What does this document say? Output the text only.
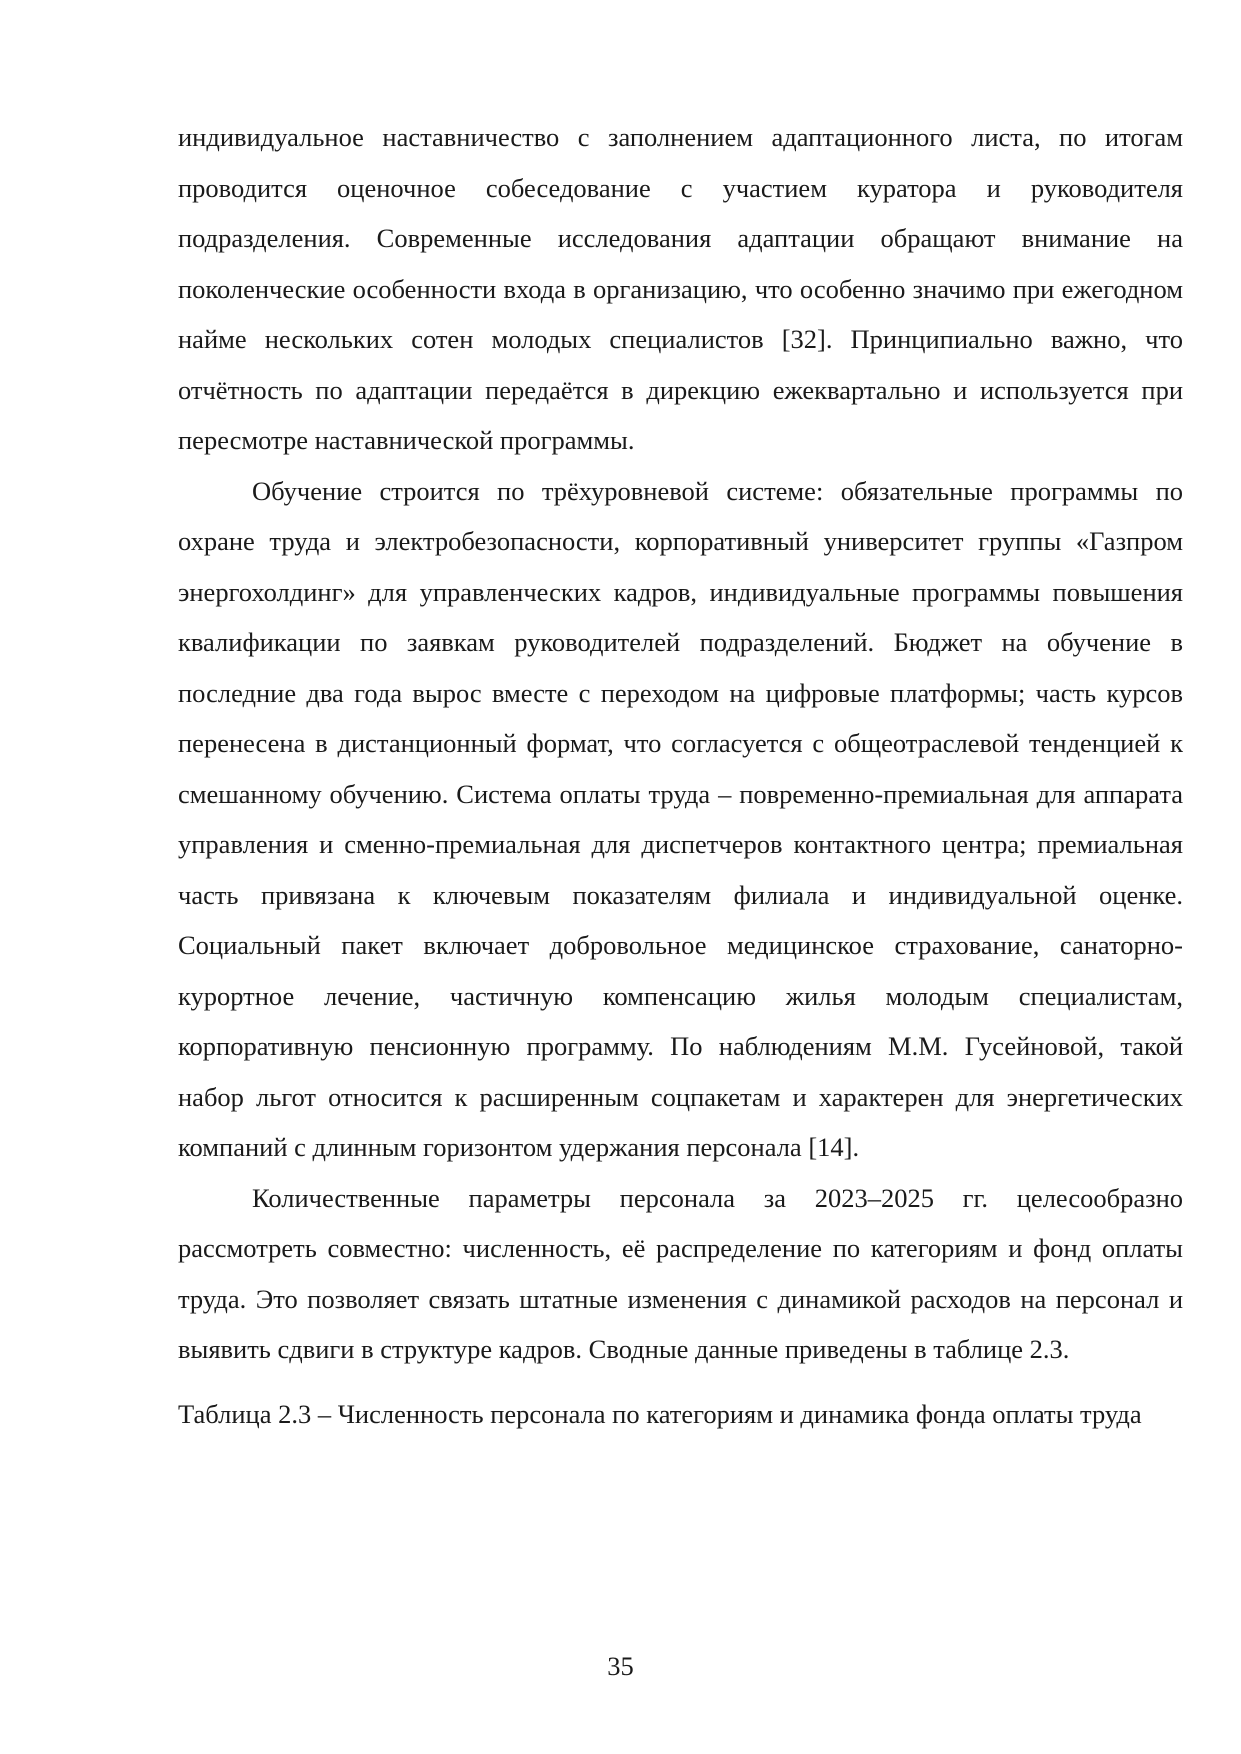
индивидуальное наставничество с заполнением адаптационного листа, по итогам проводится оценочное собеседование с участием куратора и руководителя подразделения. Современные исследования адаптации обращают внимание на поколенческие особенности входа в организацию, что особенно значимо при ежегодном найме нескольких сотен молодых специалистов [32]. Принципиально важно, что отчётность по адаптации передаётся в дирекцию ежеквартально и используется при пересмотре наставнической программы.

Обучение строится по трёхуровневой системе: обязательные программы по охране труда и электробезопасности, корпоративный университет группы «Газпром энергохолдинг» для управленческих кадров, индивидуальные программы повышения квалификации по заявкам руководителей подразделений. Бюджет на обучение в последние два года вырос вместе с переходом на цифровые платформы; часть курсов перенесена в дистанционный формат, что согласуется с общеотраслевой тенденцией к смешанному обучению. Система оплаты труда – повременно-премиальная для аппарата управления и сменно-премиальная для диспетчеров контактного центра; премиальная часть привязана к ключевым показателям филиала и индивидуальной оценке. Социальный пакет включает добровольное медицинское страхование, санаторно-курортное лечение, частичную компенсацию жилья молодым специалистам, корпоративную пенсионную программу. По наблюдениям М.М. Гусейновой, такой набор льгот относится к расширенным соцпакетам и характерен для энергетических компаний с длинным горизонтом удержания персонала [14].

Количественные параметры персонала за 2023–2025 гг. целесообразно рассмотреть совместно: численность, её распределение по категориям и фонд оплаты труда. Это позволяет связать штатные изменения с динамикой расходов на персонал и выявить сдвиги в структуре кадров. Сводные данные приведены в таблице 2.3.

Таблица 2.3 – Численность персонала по категориям и динамика фонда оплаты труда

35
